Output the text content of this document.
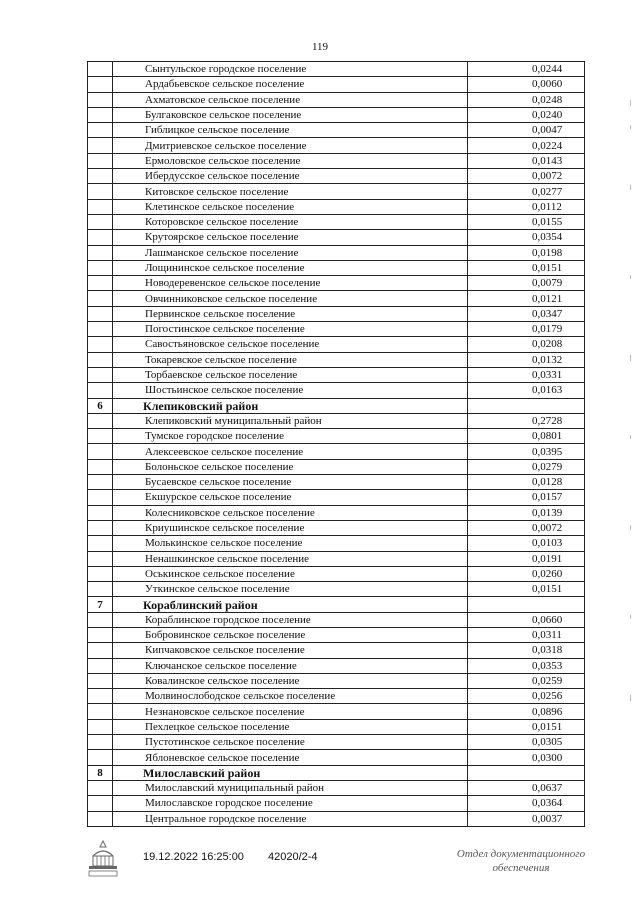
119
	Сынтульское городское поселение	0,0244
	Ардабьевское сельское поселение	0,0060
	Ахматовское сельское поселение	0,0248
	Булгаковское сельское поселение	0,0240
	Гиблицкое сельское поселение	0,0047
	Дмитриевское сельское поселение	0,0224
	Ермоловское сельское поселение	0,0143
	Ибердусское сельское поселение	0,0072
	Китовское сельское поселение	0,0277
	Клетинское сельское поселение	0,0112
	Которовское сельское поселение	0,0155
	Крутоярское сельское поселение	0,0354
	Лашманское сельское поселение	0,0198
	Лощининское сельское поселение	0,0151
	Новодеревенское сельское поселение	0,0079
	Овчинниковское сельское поселение	0,0121
	Первинское сельское поселение	0,0347
	Погостинское сельское поселение	0,0179
	Савостьяновское сельское поселение	0,0208
	Токаревское сельское поселение	0,0132
	Торбаевское сельское поселение	0,0331
	Шостьинское сельское поселение	0,0163
6	Клепиковский район	
	Клепиковский муниципальный район	0,2728
	Тумское городское поселение	0,0801
	Алексеевское сельское поселение	0,0395
	Болоньское сельское поселение	0,0279
	Бусаевское сельское поселение	0,0128
	Екшурское сельское поселение	0,0157
	Колесниковское сельское поселение	0,0139
	Криушинское сельское поселение	0,0072
	Молькинское сельское поселение	0,0103
	Ненашкинское сельское поселение	0,0191
	Оськинское сельское поселение	0,0260
	Уткинское сельское поселение	0,0151
7	Кораблинский район	
	Кораблинское городское поселение	0,0660
	Бобровинское сельское поселение	0,0311
	Кипчаковское сельское поселение	0,0318
	Ключанское сельское поселение	0,0353
	Ковалинское сельское поселение	0,0259
	Молвинослободское сельское поселение	0,0256
	Незнановское сельское поселение	0,0896
	Пехлецкое сельское поселение	0,0151
	Пустотинское сельское поселение	0,0305
	Яблоневское сельское поселение	0,0300
8	Милославский район	
	Милославский муниципальный район	0,0637
	Милославское городское поселение	0,0364
	Центральное городское поселение	0,0037
19.12.2022 16:25:00 42020/2-4	Отдел документационного
обеспечения
